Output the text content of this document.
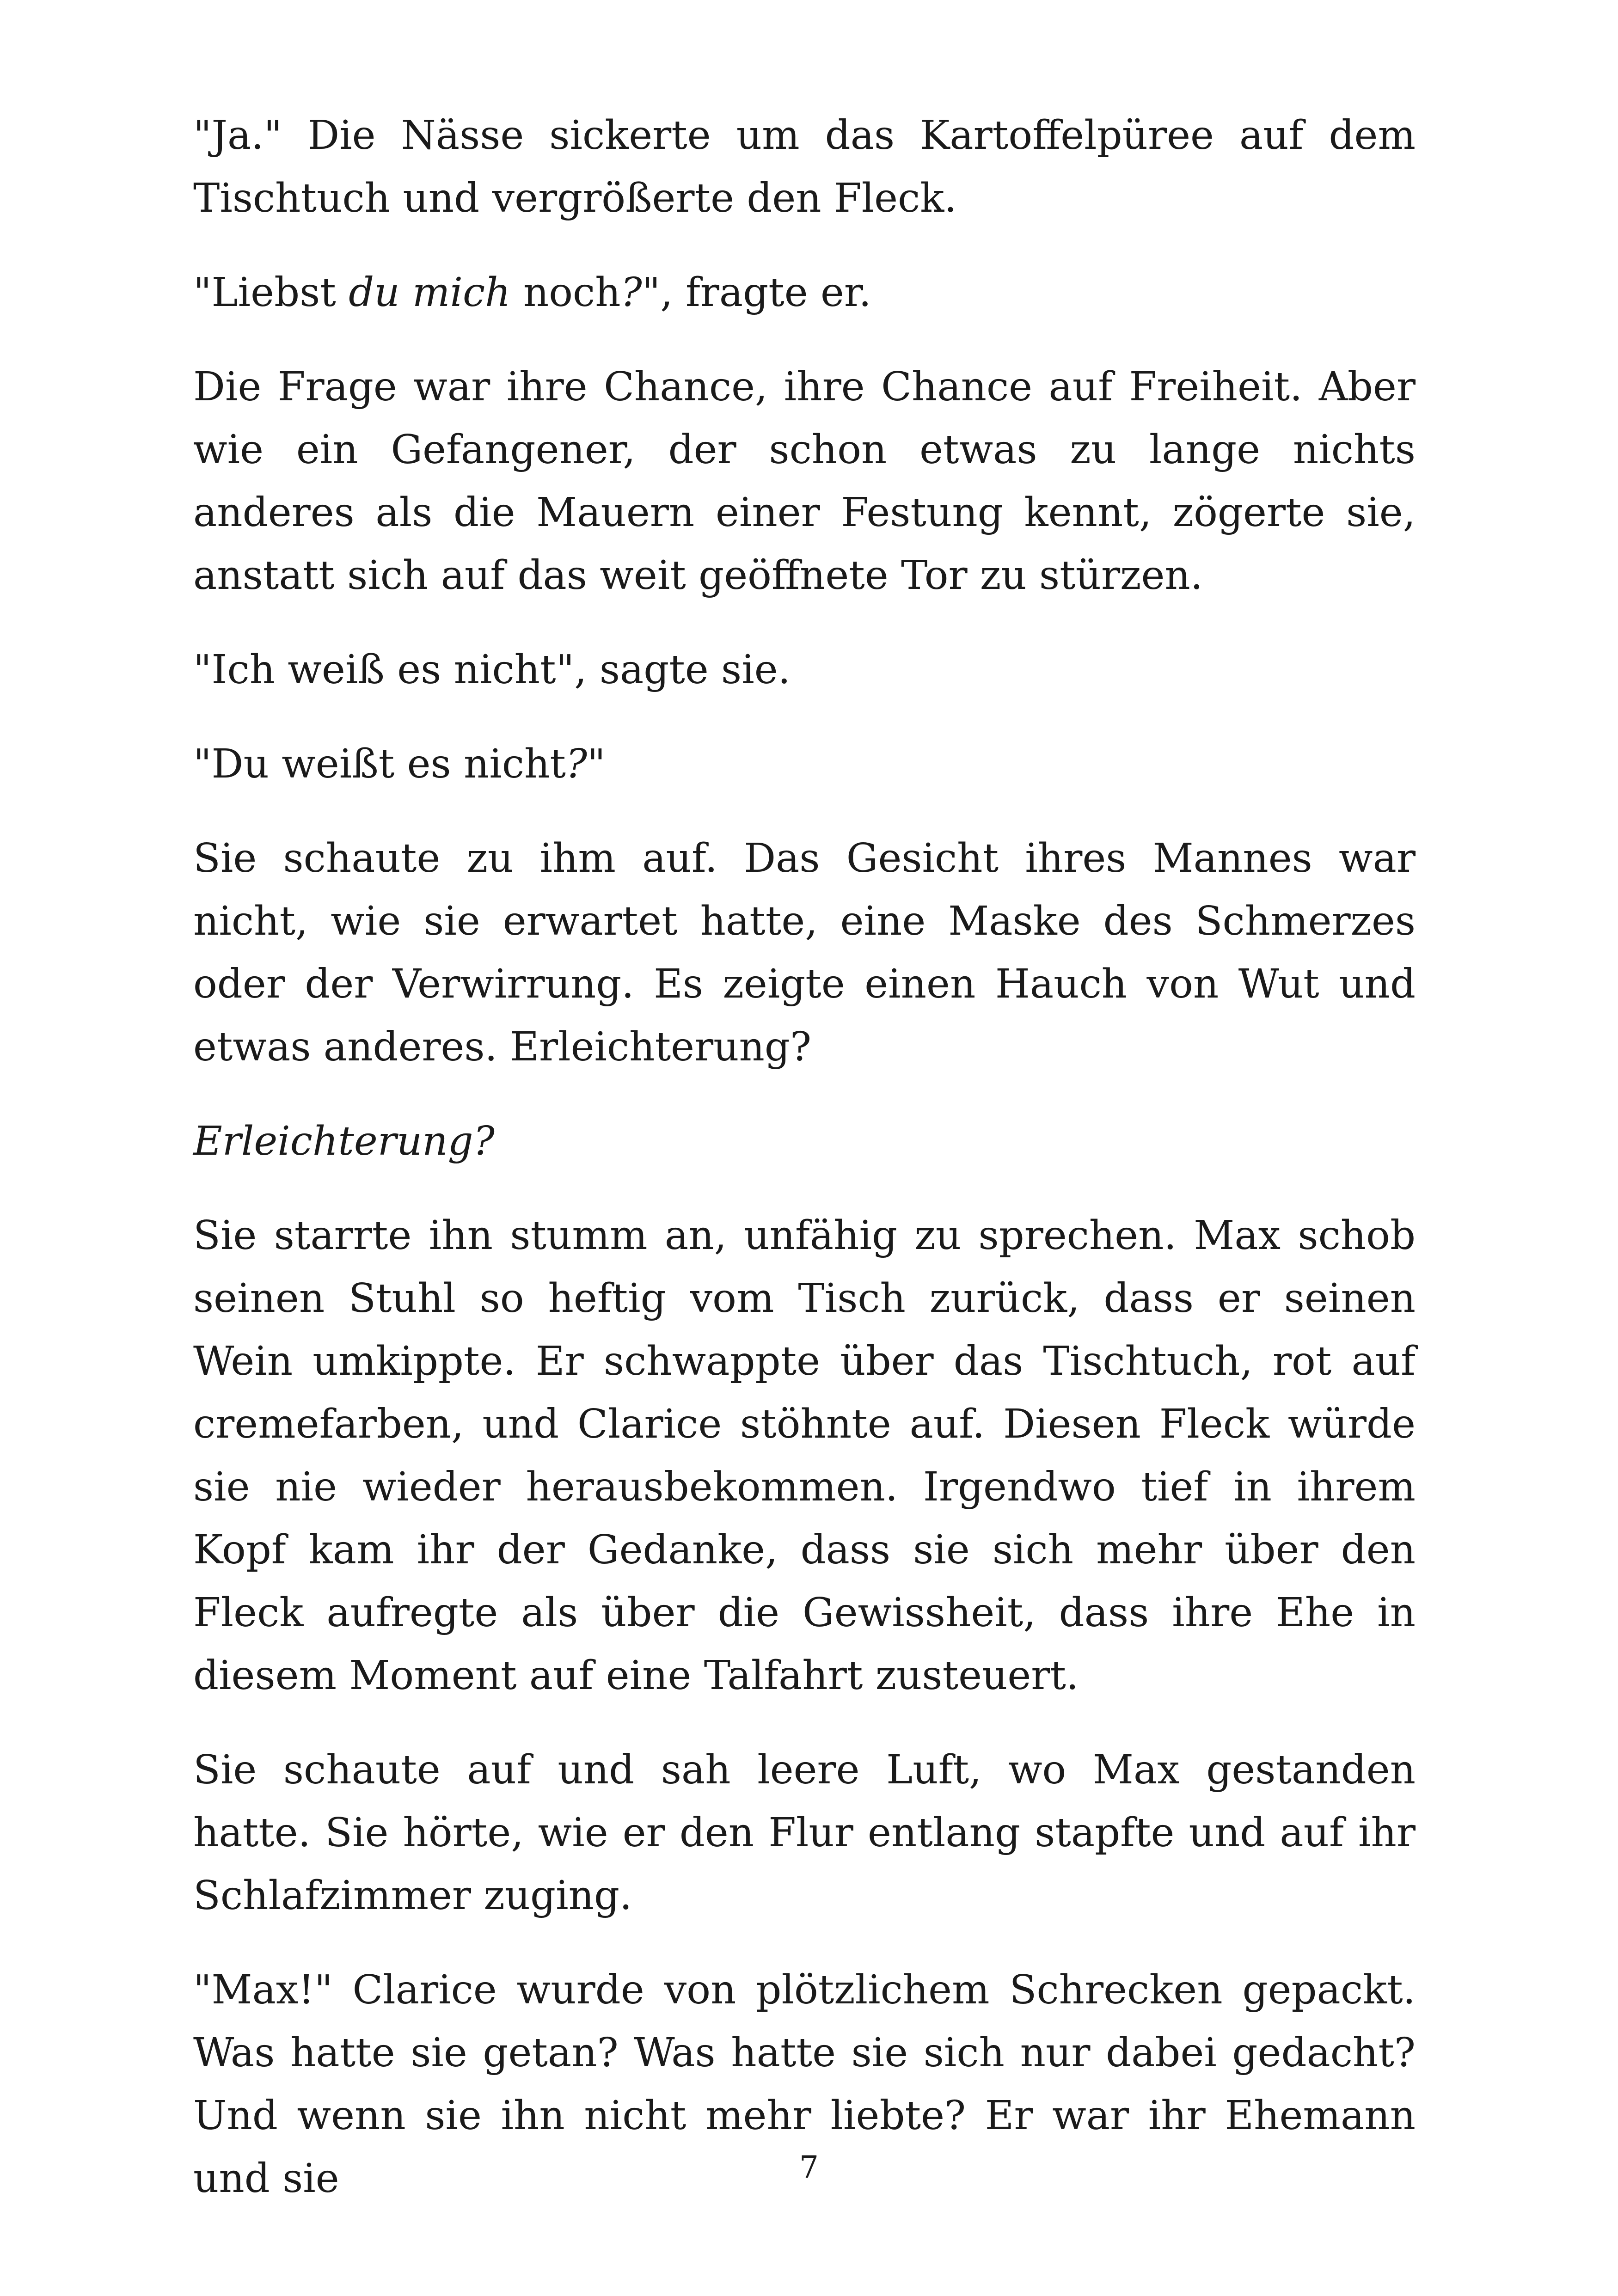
"Ja." Die Nässe sickerte um das Kartoffelpüree auf dem Tischtuch und vergrößerte den Fleck.

"Liebst du mich noch?", fragte er.

Die Frage war ihre Chance, ihre Chance auf Freiheit. Aber wie ein Gefangener, der schon etwas zu lange nichts anderes als die Mauern einer Festung kennt, zögerte sie, anstatt sich auf das weit geöffnete Tor zu stürzen.

"Ich weiß es nicht", sagte sie.

"Du weißt es nicht?"

Sie schaute zu ihm auf. Das Gesicht ihres Mannes war nicht, wie sie erwartet hatte, eine Maske des Schmerzes oder der Verwirrung. Es zeigte einen Hauch von Wut und etwas anderes. Erleichterung?

Erleichterung?

Sie starrte ihn stumm an, unfähig zu sprechen. Max schob seinen Stuhl so heftig vom Tisch zurück, dass er seinen Wein umkippte. Er schwappte über das Tischtuch, rot auf cremefarben, und Clarice stöhnte auf. Diesen Fleck würde sie nie wieder herausbekommen. Irgendwo tief in ihrem Kopf kam ihr der Gedanke, dass sie sich mehr über den Fleck aufregte als über die Gewissheit, dass ihre Ehe in diesem Moment auf eine Talfahrt zusteuert.

Sie schaute auf und sah leere Luft, wo Max gestanden hatte. Sie hörte, wie er den Flur entlang stapfte und auf ihr Schlafzimmer zuging.

"Max!" Clarice wurde von plötzlichem Schrecken gepackt. Was hatte sie getan? Was hatte sie sich nur dabei gedacht? Und wenn sie ihn nicht mehr liebte? Er war ihr Ehemann und sie	7
